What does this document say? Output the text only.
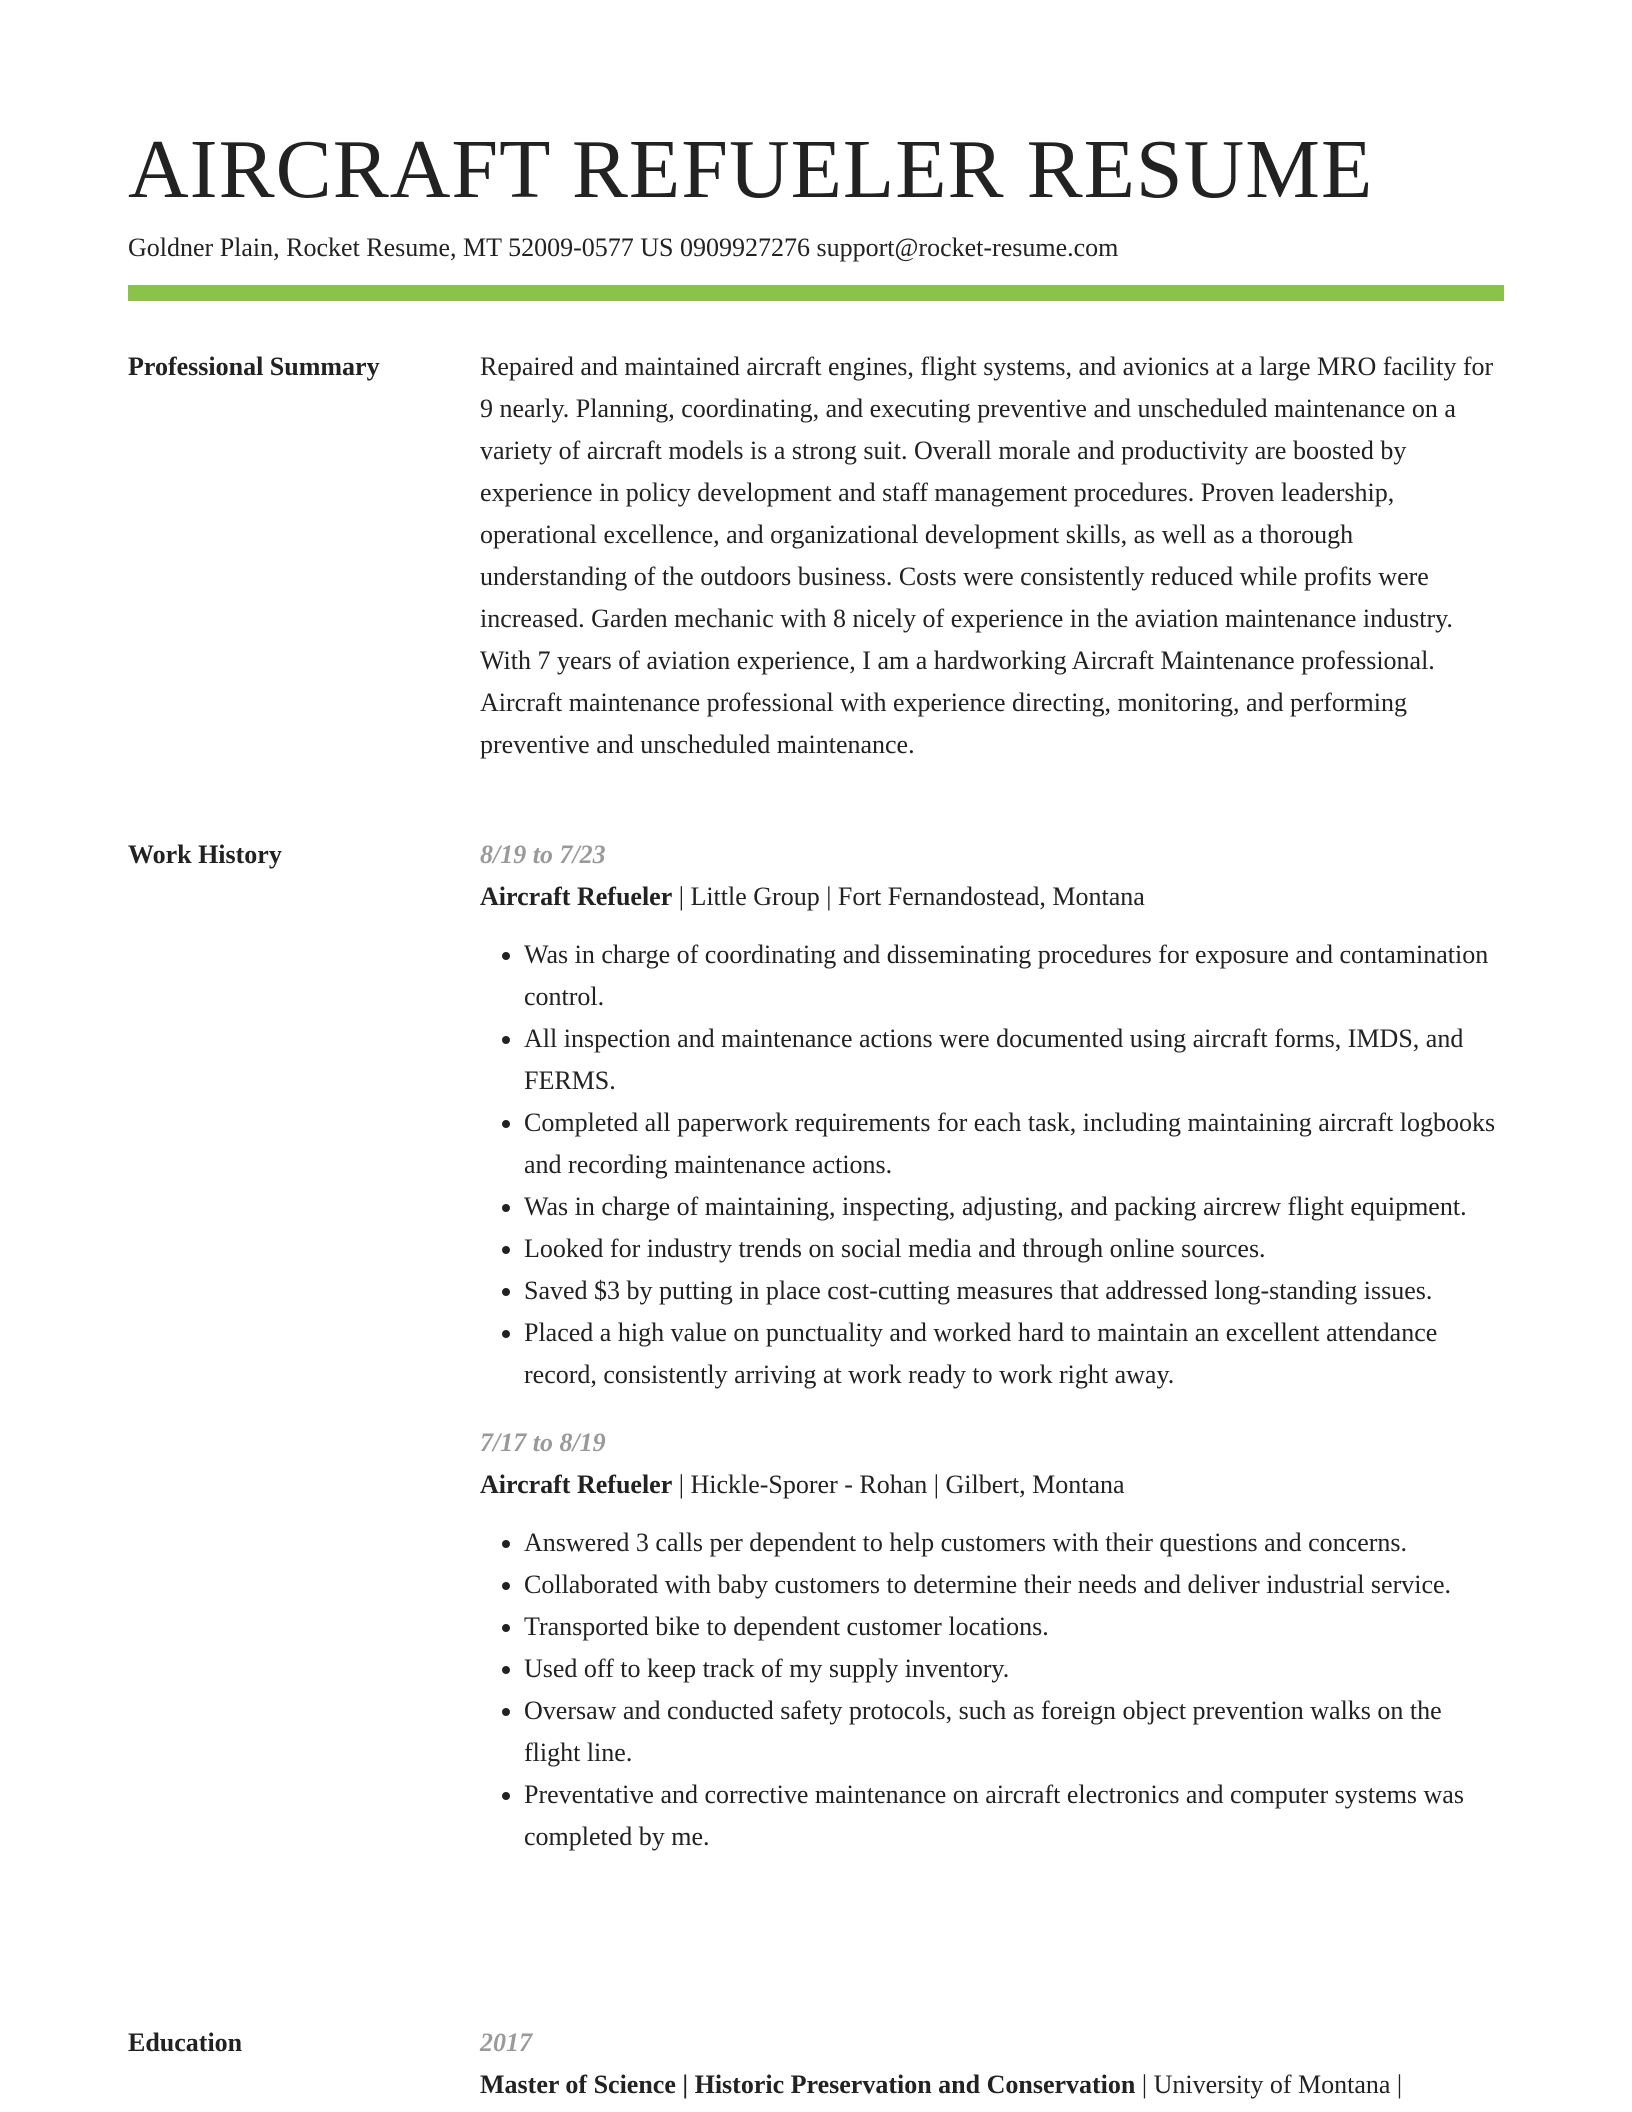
AIRCRAFT REFUELER RESUME
Goldner Plain, Rocket Resume, MT 52009-0577 US 0909927276 support@rocket-resume.com
Professional Summary	Repaired and maintained aircraft engines, flight systems, and avionics at a large MRO facility for 9 nearly. Planning, coordinating, and executing preventive and unscheduled maintenance on a variety of aircraft models is a strong suit. Overall morale and productivity are boosted by experience in policy development and staff management procedures. Proven leadership, operational excellence, and organizational development skills, as well as a thorough understanding of the outdoors business. Costs were consistently reduced while profits were increased. Garden mechanic with 8 nicely of experience in the aviation maintenance industry. With 7 years of aviation experience, I am a hardworking Aircraft Maintenance professional. Aircraft maintenance professional with experience directing, monitoring, and performing preventive and unscheduled maintenance.

Work History	8/19 to 7/23
Aircraft Refueler | Little Group | Fort Fernandostead, Montana
• Was in charge of coordinating and disseminating procedures for exposure and contamination control.
• All inspection and maintenance actions were documented using aircraft forms, IMDS, and FERMS.
• Completed all paperwork requirements for each task, including maintaining aircraft logbooks and recording maintenance actions.
• Was in charge of maintaining, inspecting, adjusting, and packing aircrew flight equipment.
• Looked for industry trends on social media and through online sources.
• Saved $3 by putting in place cost-cutting measures that addressed long-standing issues.
• Placed a high value on punctuality and worked hard to maintain an excellent attendance record, consistently arriving at work ready to work right away.
7/17 to 8/19
Aircraft Refueler | Hickle-Sporer - Rohan | Gilbert, Montana
• Answered 3 calls per dependent to help customers with their questions and concerns.
• Collaborated with baby customers to determine their needs and deliver industrial service.
• Transported bike to dependent customer locations.
• Used off to keep track of my supply inventory.
• Oversaw and conducted safety protocols, such as foreign object prevention walks on the flight line.
• Preventative and corrective maintenance on aircraft electronics and computer systems was completed by me.
Education	2017
Master of Science | Historic Preservation and Conservation | University of Montana |
